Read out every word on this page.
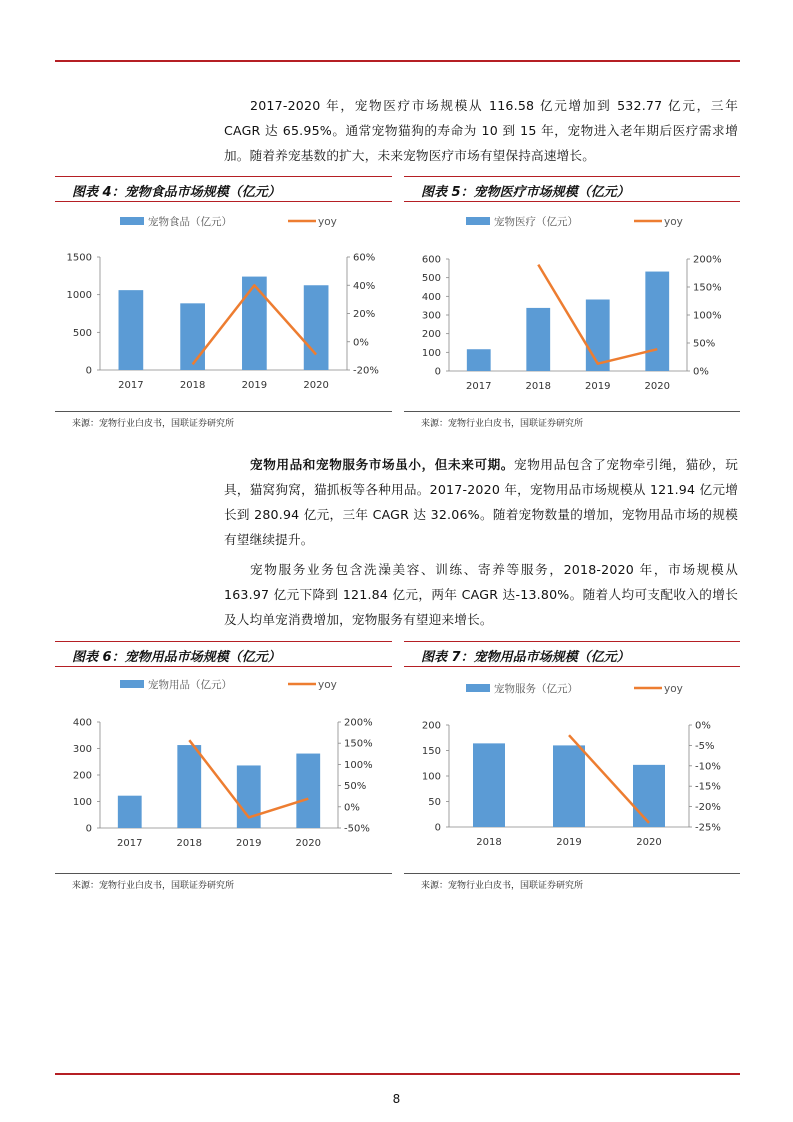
2017-2020 年，宠物医疗市场规模从 116.58 亿元增加到 532.77 亿元，三年 CAGR 达 65.95%。通常宠物猫狗的寿命为 10 到 15 年，宠物进入老年期后医疗需求增加。随着养宠基数的扩大，未来宠物医疗市场有望保持高速增长。

图表 4：宠物食品市场规模（亿元）
宠物食品（亿元）	yoy
0
500
1000
1500
-20%
0%
20%
40%
60%
2017	2018	2019	2020
来源：宠物行业白皮书，国联证券研究所
图表 5：宠物医疗市场规模（亿元）
宠物医疗（亿元）	yoy
0
100
200
300
400
500
600
0%
50%
100%
150%
200%
2017	2018	2019	2020
来源：宠物行业白皮书，国联证券研究所

宠物用品和宠物服务市场虽小，但未来可期。宠物用品包含了宠物牵引绳，猫砂，玩具，猫窝狗窝，猫抓板等各种用品。2017-2020 年，宠物用品市场规模从 121.94 亿元增长到 280.94 亿元，三年 CAGR 达 32.06%。随着宠物数量的增加，宠物用品市场的规模有望继续提升。

宠物服务业务包含洗澡美容、训练、寄养等服务，2018-2020 年，市场规模从 163.97 亿元下降到 121.84 亿元，两年 CAGR 达-13.80%。随着人均可支配收入的增长及人均单宠消费增加，宠物服务有望迎来增长。

图表 6：宠物用品市场规模（亿元）
宠物用品（亿元）	yoy
0
100
200
300
400
-50%
0%
50%
100%
150%
200%
2017	2018	2019	2020
来源：宠物行业白皮书，国联证券研究所
图表 7：宠物用品市场规模（亿元）
宠物服务（亿元）	yoy
0
50
100
150
200
-25%
-20%
-15%
-10%
-5%
0%
2018	2019	2020
来源：宠物行业白皮书，国联证券研究所
8
